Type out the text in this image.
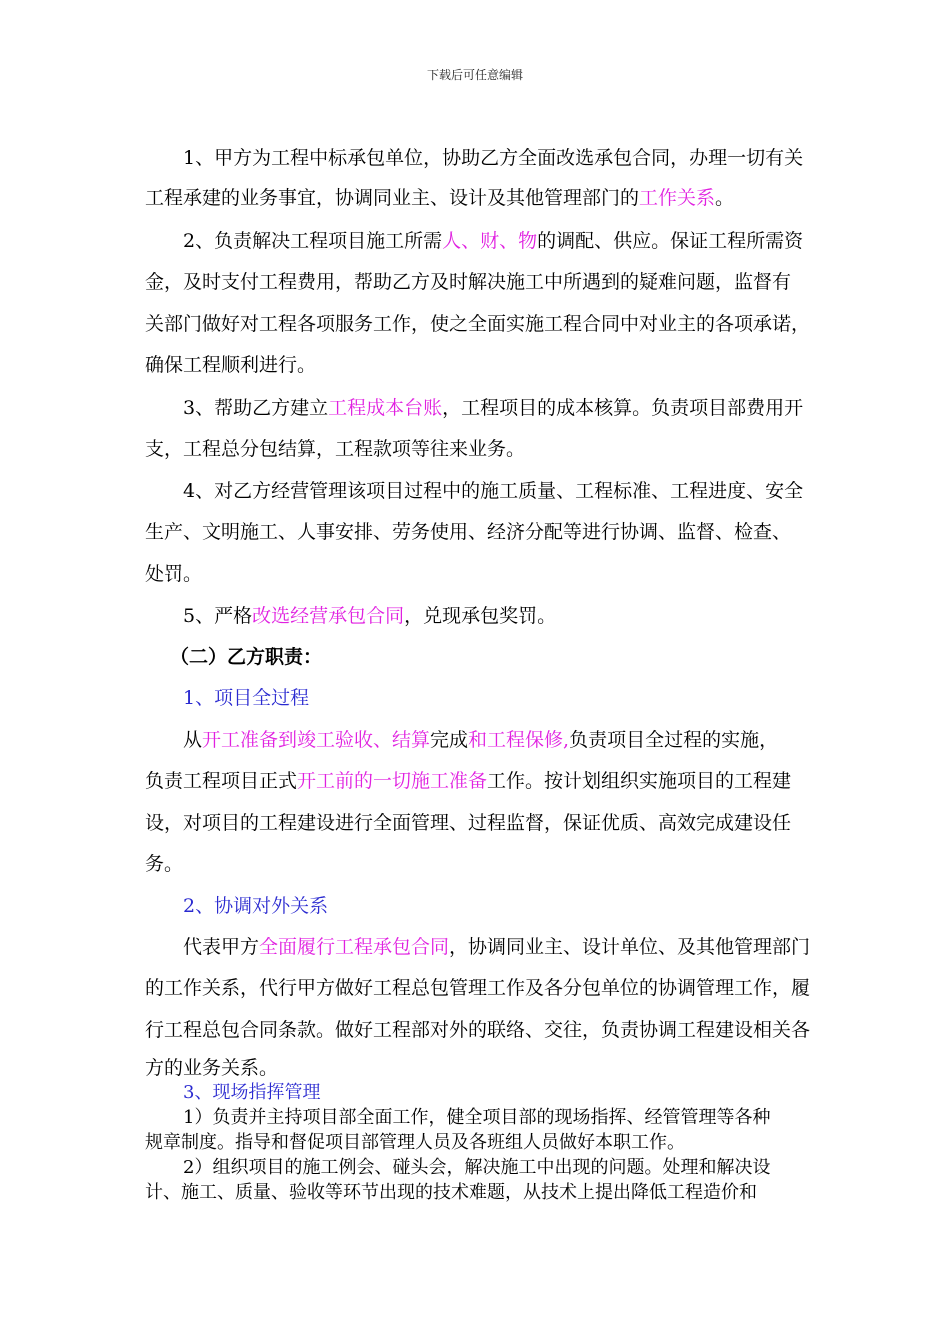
下载后可任意编辑
1、甲方为工程中标承包单位，协助乙方全面改选承包合同，办理一切有关
工程承建的业务事宜，协调同业主、设计及其他管理部门的工作关系。
2、负责解决工程项目施工所需人、财、物的调配、供应。保证工程所需资
金，及时支付工程费用，帮助乙方及时解决施工中所遇到的疑难问题，监督有
关部门做好对工程各项服务工作，使之全面实施工程合同中对业主的各项承诺，
确保工程顺利进行。
3、帮助乙方建立工程成本台账，工程项目的成本核算。负责项目部费用开
支，工程总分包结算，工程款项等往来业务。
4、对乙方经营管理该项目过程中的施工质量、工程标准、工程进度、安全
生产、文明施工、人事安排、劳务使用、经济分配等进行协调、监督、检查、
处罚。
5、严格改选经营承包合同，兑现承包奖罚。
（二）乙方职责：
1、项目全过程
从开工准备到竣工验收、结算完成和工程保修,负责项目全过程的实施，
负责工程项目正式开工前的一切施工准备工作。按计划组织实施项目的工程建
设，对项目的工程建设进行全面管理、过程监督，保证优质、高效完成建设任
务。
2、协调对外关系
代表甲方全面履行工程承包合同，协调同业主、设计单位、及其他管理部门
的工作关系，代行甲方做好工程总包管理工作及各分包单位的协调管理工作，履
行工程总包合同条款。做好工程部对外的联络、交往，负责协调工程建设相关各
方的业务关系。
3、现场指挥管理
1）负责并主持项目部全面工作，健全项目部的现场指挥、经管管理等各种
规章制度。指导和督促项目部管理人员及各班组人员做好本职工作。
2）组织项目的施工例会、碰头会，解决施工中出现的问题。处理和解决设
计、施工、质量、验收等环节出现的技术难题，从技术上提出降低工程造价和
